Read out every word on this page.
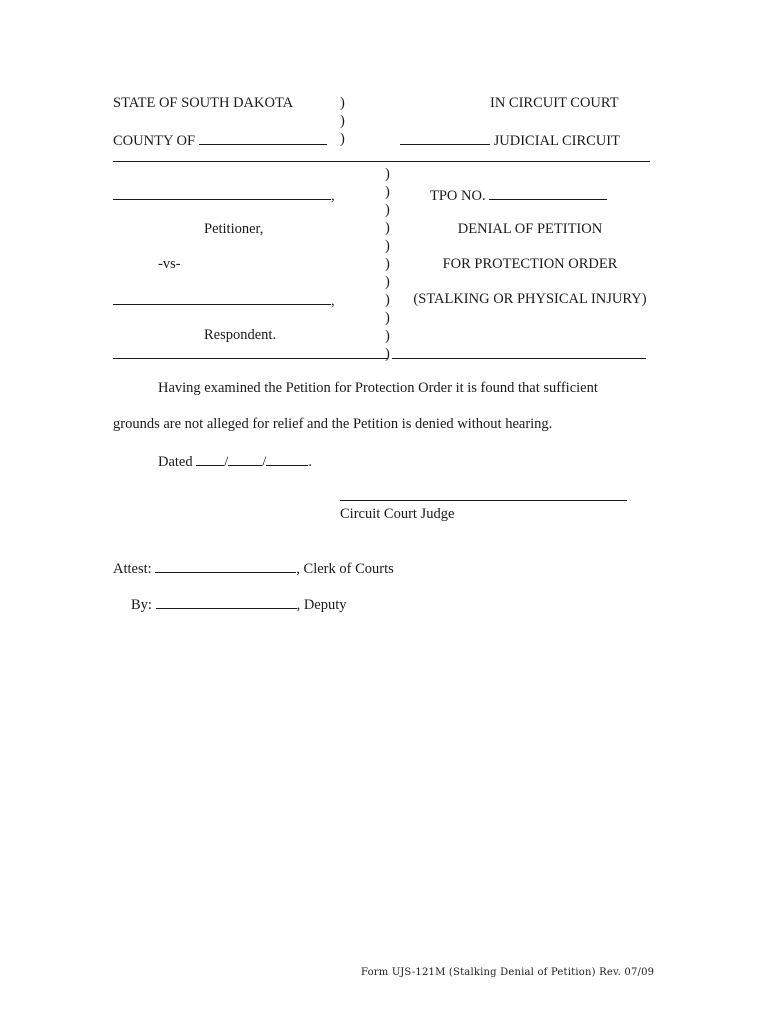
STATE OF SOUTH DAKOTA	IN CIRCUIT COURT
)
)
)
COUNTY OF	JUDICIAL CIRCUIT
)
)
)
)
)
)
)
)
)
)
)
,
Petitioner,
-vs-
,
Respondent.
TPO NO.
DENIAL OF PETITION
FOR PROTECTION ORDER
(STALKING OR PHYSICAL INJURY)
Having examined the Petition for Protection Order it is found that sufficient
grounds are not alleged for relief and the Petition is denied without hearing.
Dated / /	.
Circuit Court Judge
Attest:	, Clerk of Courts
By:	, Deputy
Form UJS-121M (Stalking Denial of Petition) Rev. 07/09
